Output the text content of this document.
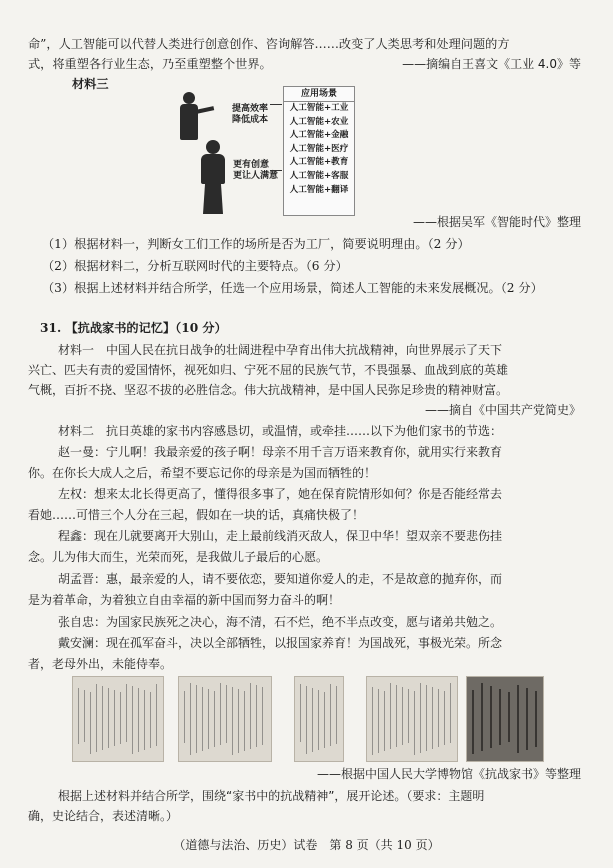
命”，人工智能可以代替人类进行创意创作、咨询解答……改变了人类思考和处理问题的方
式，将重塑各行业生态，乃至重塑整个世界。	——摘编自王喜文《工业 4.0》等
材料三
提高效率
降低成本
更有创意
更让人满意
应用场景
人工智能+工业
人工智能+农业
人工智能+金融
人工智能+医疗
人工智能+教育
人工智能+客服
人工智能+翻译
——根据吴军《智能时代》整理
（1）根据材料一，判断女工们工作的场所是否为工厂，简要说明理由。（2 分）
（2）根据材料二，分析互联网时代的主要特点。（6 分）
（3）根据上述材料并结合所学，任选一个应用场景，简述人工智能的未来发展概况。（2 分）
31. 【抗战家书的记忆】（10 分）
材料一　中国人民在抗日战争的壮阔进程中孕育出伟大抗战精神，向世界展示了天下
兴亡、匹夫有责的爱国情怀，视死如归、宁死不屈的民族气节，不畏强暴、血战到底的英雄
气概，百折不挠、坚忍不拔的必胜信念。伟大抗战精神，是中国人民弥足珍贵的精神财富。
——摘自《中国共产党简史》
材料二　抗日英雄的家书内容感恳切，或温情，或牵挂……以下为他们家书的节选：
赵一曼：宁儿啊！我最亲爱的孩子啊！母亲不用千言万语来教育你，就用实行来教育
你。在你长大成人之后，希望不要忘记你的母亲是为国而牺牲的！
左权：想来太北长得更高了，懂得很多事了，她在保育院情形如何？你是否能经常去
看她……可惜三个人分在三起，假如在一块的话，真痛快极了！
程鑫：现在儿就要离开大别山，走上最前线消灭敌人，保卫中华！望双亲不要悲伤挂
念。儿为伟大而生，光荣而死，是我做儿子最后的心愿。
胡孟晋：惠，最亲爱的人，请不要依恋，要知道你爱人的走，不是故意的抛弃你，而
是为着革命，为着独立自由幸福的新中国而努力奋斗的啊！
张自忠：为国家民族死之决心，海不清，石不烂，绝不半点改变，愿与诸弟共勉之。
戴安澜：现在孤军奋斗，决以全部牺牲，以报国家养育！为国战死，事极光荣。所念
者，老母外出，未能侍奉。
——根据中国人民大学博物馆《抗战家书》等整理
根据上述材料并结合所学，围绕“家书中的抗战精神”，展开论述。（要求：主题明
确，史论结合，表述清晰。）
（道德与法治、历史）试卷　第 8 页（共 10 页）
